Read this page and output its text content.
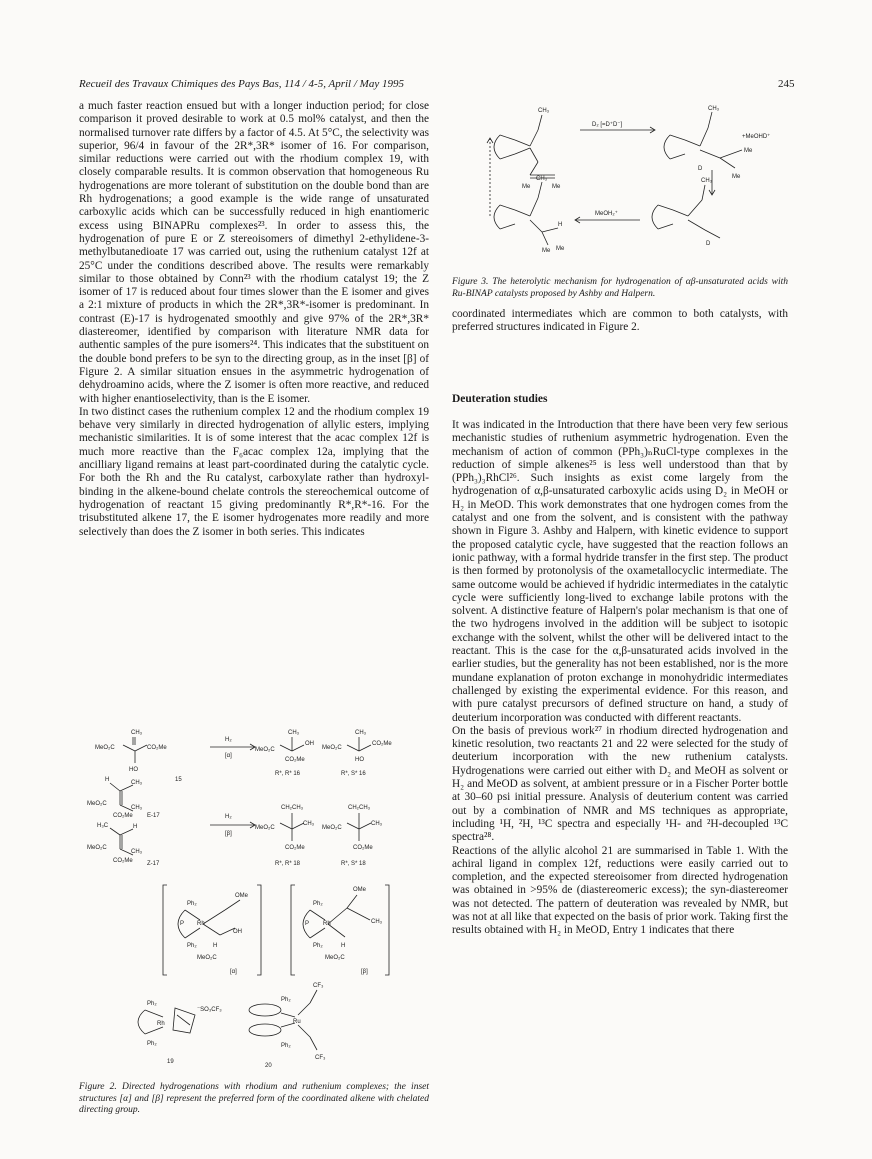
Recueil des Travaux Chimiques des Pays Bas, 114 / 4-5, April / May 1995	245

a much faster reaction ensued but with a longer induction period; for close comparison it proved desirable to work at 0.5 mol% catalyst, and then the normalised turnover rate differs by a factor of 4.5. At 5°C, the selectivity was superior, 96/4 in favour of the 2R*,3R* isomer of 16. For comparison, similar reductions were carried out with the rhodium complex 19, with closely comparable results. It is common observation that homogeneous Ru hydrogenations are more tolerant of substitution on the double bond than are Rh hydrogenations; a good example is the wide range of unsaturated carboxylic acids which can be successfully reduced in high enantiomeric excess using BINAPRu complexes²³. In order to assess this, the hydrogenation of pure E or Z stereoisomers of dimethyl 2-ethylidene-3-methylbutanedioate 17 was carried out, using the ruthenium catalyst 12f at 25°C under the conditions described above. The results were remarkably similar to those obtained by Conn²³ with the rhodium catalyst 19; the Z isomer of 17 is reduced about four times slower than the E isomer and gives a 2:1 mixture of products in which the 2R*,3R*-isomer is predominant. In contrast (E)-17 is hydrogenated smoothly and give 97% of the 2R*,3R* diastereomer, identified by comparison with literature NMR data for authentic samples of the pure isomers²⁴. This indicates that the substituent on the double bond prefers to be syn to the directing group, as in the inset [β] of Figure 2. A similar situation ensues in the asymmetric hydrogenation of dehydroamino acids, where the Z isomer is often more reactive, and reduced with higher enantioselectivity, than is the E isomer.

In two distinct cases the ruthenium complex 12 and the rhodium complex 19 behave very similarly in directed hydrogenation of allylic esters, implying mechanistic similarities. It is of some interest that the acac complex 12f is much more reactive than the F₆acac complex 12a, implying that the ancilliary ligand remains at least part-coordinated during the catalytic cycle. For both the Rh and the Ru catalyst, carboxylate rather than hydroxyl-binding in the alkene-bound chelate controls the stereochemical outcome of hydrogenation of reactant 15 giving predominantly R*,R*-16. For the trisubstituted alkene 17, the E isomer hydrogenates more readily and more selectively than does the Z isomer in both series. This indicates

D₂ [=D⁺D⁻]
+MeOHD⁺
MeOH₂⁺
CH₃	CH₃
CH₃
CH₃
Me	Me
Me
Me
D
D
H
Me Me
Figure 3. The heterolytic mechanism for hydrogenation of αβ-unsaturated acids with Ru-BINAP catalysts proposed by Ashby and Halpern.
coordinated intermediates which are common to both catalysts, with preferred structures indicated in Figure 2.
Deuteration studies

It was indicated in the Introduction that there have been very few serious mechanistic studies of ruthenium asymmetric hydrogenation. Even the mechanism of action of common (PPh₃)ₙRuCl-type complexes in the reduction of simple alkenes²⁵ is less well understood than that by (PPh₃)₃RhCl²⁶. Such insights as exist come largely from the hydrogenation of α,β-unsaturated carboxylic acids using D₂ in MeOH or H₂ in MeOD. This work demonstrates that one hydrogen comes from the catalyst and one from the solvent, and is consistent with the pathway shown in Figure 3. Ashby and Halpern, with kinetic evidence to support the proposed catalytic cycle, have suggested that the reaction follows an ionic pathway, with a formal hydride transfer in the first step. The product is then formed by protonolysis of the oxametallocyclic intermediate. The same outcome would be achieved if hydridic intermediates in the catalytic cycle were sufficiently long-lived to exchange labile protons with the solvent. A distinctive feature of Halpern's polar mechanism is that one of the two hydrogens involved in the addition will be subject to isotopic exchange with the solvent, whilst the other will be delivered intact to the reactant. This is the case for the α,β-unsaturated acids involved in the earlier studies, but the generality has not been established, nor is the more mundane explanation of proton exchange in monohydridic intermediates challenged by existing the experimental evidence. For this reason, and with pure catalyst precursors of defined structure on hand, a study of deuterium incorporation was conducted with different reactants.

On the basis of previous work²⁷ in rhodium directed hydrogenation and kinetic resolution, two reactants 21 and 22 were selected for the study of deuterium incorporation with the new ruthenium catalysts. Hydrogenations were carried out either with D₂ and MeOH as solvent or H₂ and MeOD as solvent, at ambient pressure or in a Fischer Porter bottle at 30–60 psi initial pressure. Analysis of deuterium content was carried out by a combination of NMR and MS techniques as appropriate, including ¹H, ²H, ¹³C spectra and especially ¹H- and ²H-decoupled ¹³C spectra²⁸.

Reactions of the allylic alcohol 21 are summarised in Table 1. With the achiral ligand in complex 12f, reductions were easily carried out to completion, and the expected stereoisomer from directed hydrogenation was obtained in >95% de (diastereomeric excess); the syn-diastereomer was not detected. The pattern of deuteration was revealed by NMR, but was not at all like that expected on the basis of prior work. Taking first the results obtained with H₂ in MeOD, Entry 1 indicates that there

CH₃
MeO₂C	CO₂Me
HO
15
H₂
[α]
CH₃
MeO₂C
OH
CO₂Me
CH₃
MeO₂C
CO₂Me
HO
R*, R* 16	R*, S* 16
H	CH₃
MeO₂C
CH₃
CO₂Me E-17
H₃C	H
MeO₂C
CH₃
CO₂Me Z-17
H₂
[β]
CH₂CH₃
MeO₂C
CH₃
CO₂Me
CH₂CH₃
MeO₂C
CH₃
CO₂Me
R*, R* 18	R*, S* 18
Ph₂
Ph₂
P Rh
OMe
OH
H
MeO₂C
[α]
Ph₂
Ph₂
P Rh
OMe
CH₃
H
MeO₂C
[β]
Ph₂
Ph₂
Rh
⁻SO₃CF₃
19
Ph₂
Ph₂
Ru
CF₃
CF₃
20
Figure 2. Directed hydrogenations with rhodium and ruthenium complexes; the inset structures [α] and [β] represent the preferred form of the coordinated alkene with chelated directing group.
